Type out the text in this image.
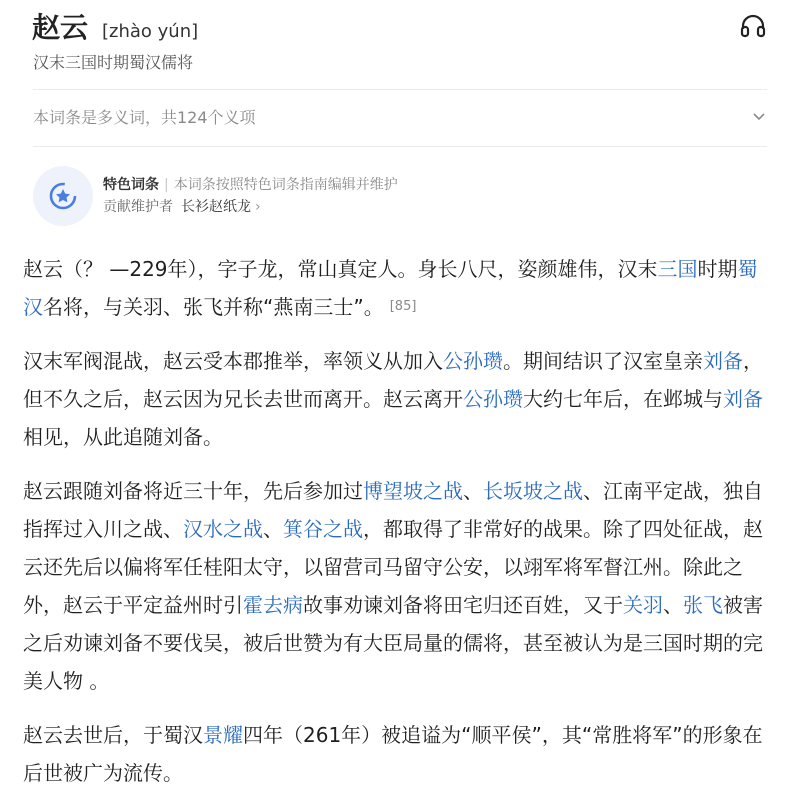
赵云 [zhào yún]
汉末三国时期蜀汉儒将
本词条是多义词，共124个义项
特色词条 | 本词条按照特色词条指南编辑并维护
贡献维护者 长衫赵纸龙 ›

赵云（？ —229年），字子龙，常山真定人。身长八尺，姿颜雄伟，汉末三国时期蜀汉名将，与关羽、张飞并称“燕南三士”。 [85]

汉末军阀混战，赵云受本郡推举，率领义从加入公孙瓒。期间结识了汉室皇亲刘备，但不久之后，赵云因为兄长去世而离开。赵云离开公孙瓒大约七年后，在邺城与刘备相见，从此追随刘备。

赵云跟随刘备将近三十年，先后参加过博望坡之战、长坂坡之战、江南平定战，独自指挥过入川之战、汉水之战、箕谷之战，都取得了非常好的战果。除了四处征战，赵云还先后以偏将军任桂阳太守，以留营司马留守公安，以翊军将军督江州。除此之外，赵云于平定益州时引霍去病故事劝谏刘备将田宅归还百姓，又于关羽、张飞被害之后劝谏刘备不要伐吴，被后世赞为有大臣局量的儒将，甚至被认为是三国时期的完美人物 。

赵云去世后，于蜀汉景耀四年（261年）被追谥为“顺平侯”，其“常胜将军”的形象在后世被广为流传。
